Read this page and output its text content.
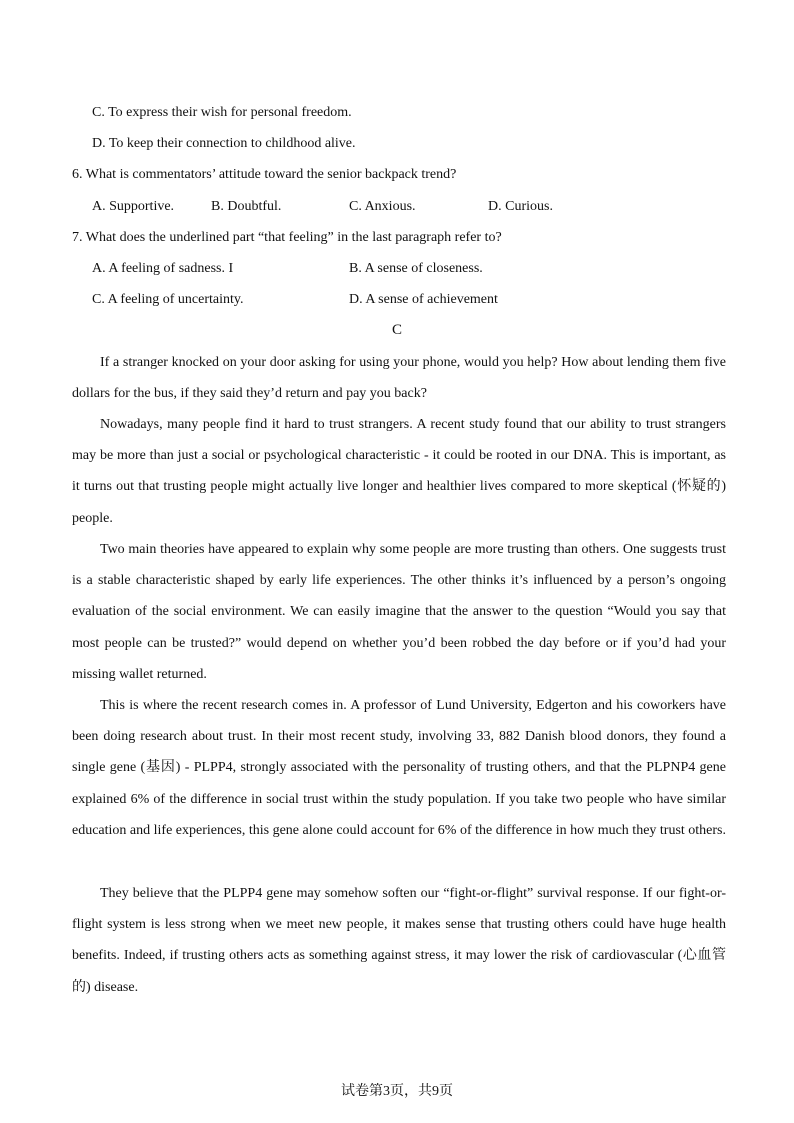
C. To express their wish for personal freedom.
D. To keep their connection to childhood alive.
6. What is commentators’ attitude toward the senior backpack trend?
A. Supportive.	B. Doubtful.	C. Anxious.	D. Curious.
7. What does the underlined part “that feeling” in the last paragraph refer to?
A. A feeling of sadness. I	B. A sense of closeness.
C. A feeling of uncertainty.	D. A sense of achievement
C

If a stranger knocked on your door asking for using your phone, would you help? How about lending them five dollars for the bus, if they said they’d return and pay you back?

Nowadays, many people find it hard to trust strangers. A recent study found that our ability to trust strangers may be more than just a social or psychological characteristic - it could be rooted in our DNA. This is important, as it turns out that trusting people might actually live longer and healthier lives compared to more skeptical (怀疑的) people.

Two main theories have appeared to explain why some people are more trusting than others. One suggests trust is a stable characteristic shaped by early life experiences. The other thinks it’s influenced by a person’s ongoing evaluation of the social environment. We can easily imagine that the answer to the question “Would you say that most people can be trusted?” would depend on whether you’d been robbed the day before or if you’d had your missing wallet returned.

This is where the recent research comes in. A professor of Lund University, Edgerton and his coworkers have been doing research about trust. In their most recent study, involving 33, 882 Danish blood donors, they found a single gene (基因) - PLPP4, strongly associated with the personality of trusting others, and that the PLPNP4 gene explained 6% of the difference in social trust within the study population. If you take two people who have similar education and life experiences, this gene alone could account for 6% of the difference in how much they trust others.

They believe that the PLPP4 gene may somehow soften our “fight-or-flight” survival response. If our fight-or-flight system is less strong when we meet new people, it makes sense that trusting others could have huge health benefits. Indeed, if trusting others acts as something against stress, it may lower the risk of cardiovascular (心血管的) disease.

试卷第3页，共9页
